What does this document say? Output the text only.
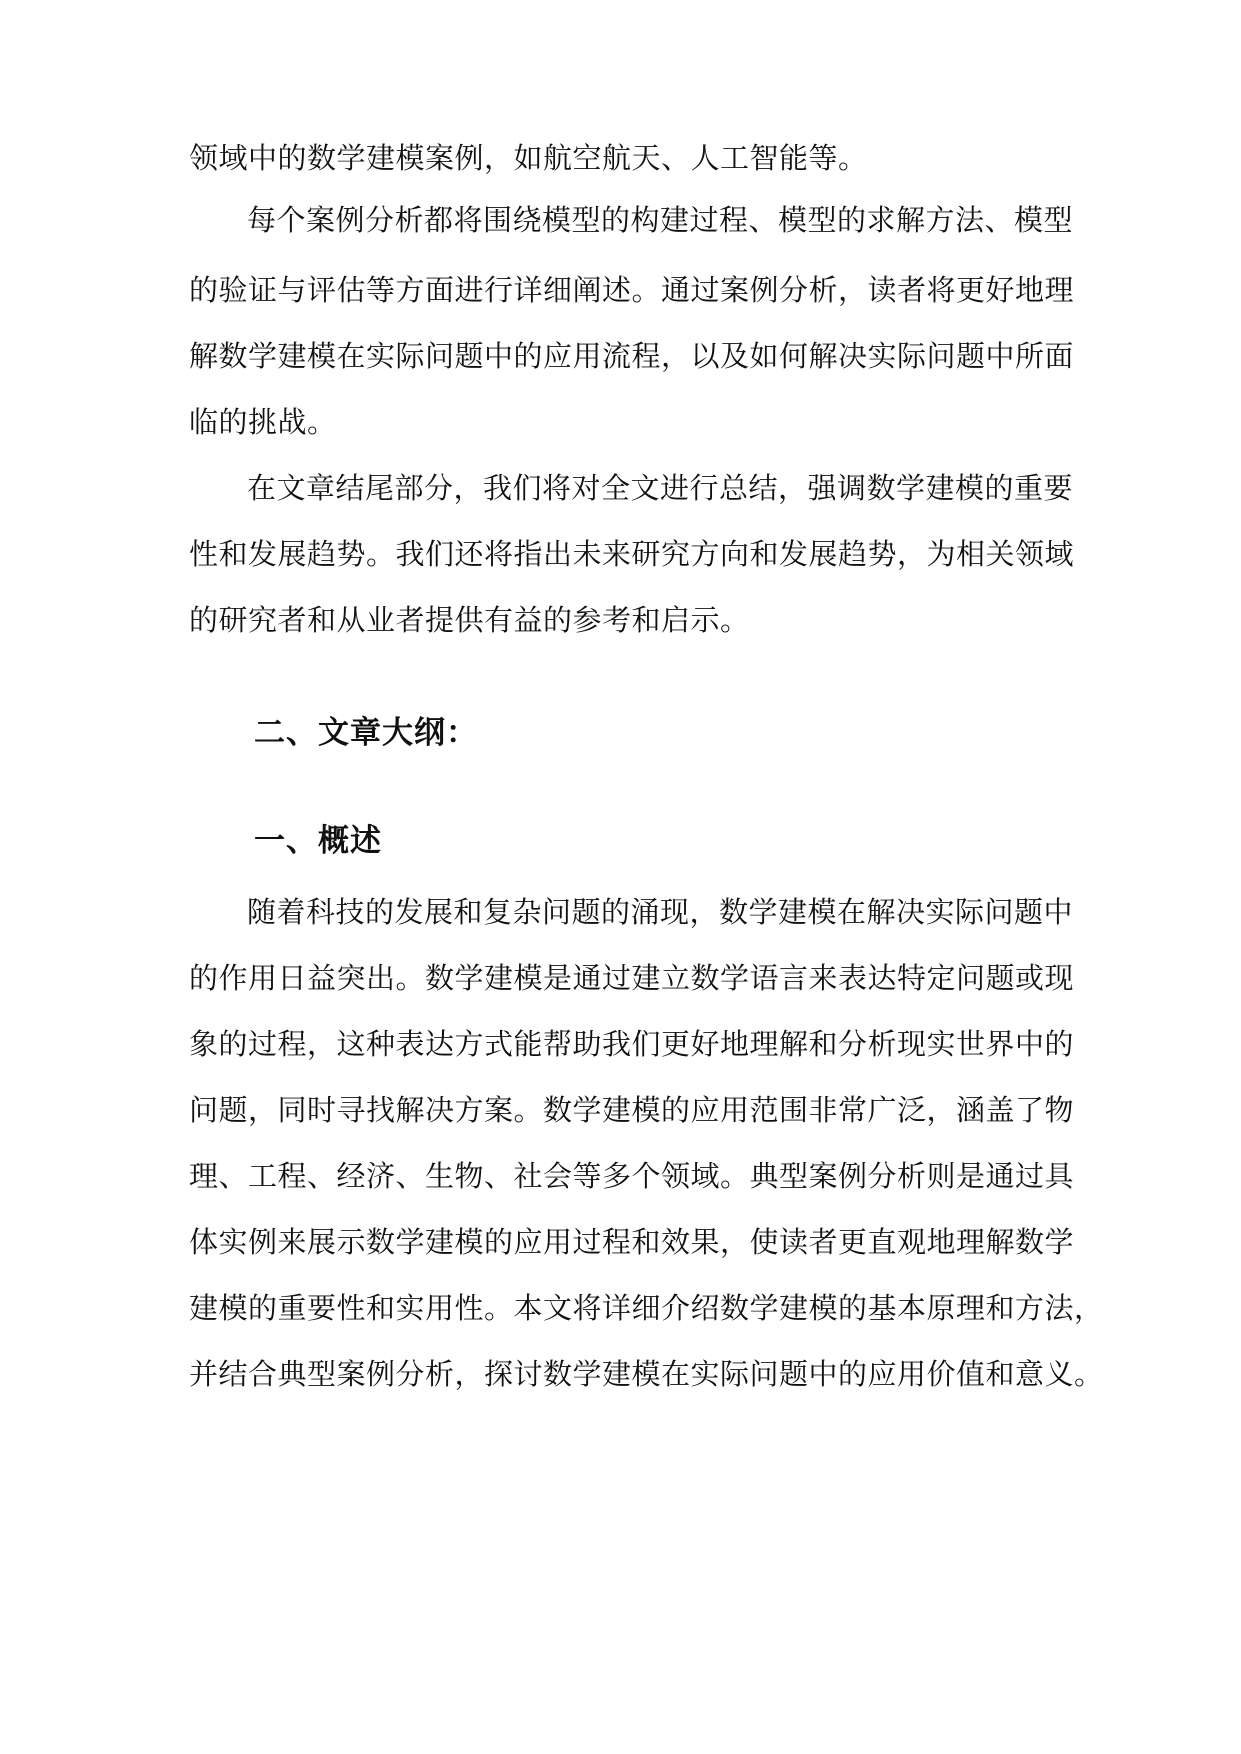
领域中的数学建模案例，如航空航天、人工智能等。
每个案例分析都将围绕模型的构建过程、模型的求解方法、模型
的验证与评估等方面进行详细阐述。通过案例分析，读者将更好地理
解数学建模在实际问题中的应用流程，以及如何解决实际问题中所面
临的挑战。
在文章结尾部分，我们将对全文进行总结，强调数学建模的重要
性和发展趋势。我们还将指出未来研究方向和发展趋势，为相关领域
的研究者和从业者提供有益的参考和启示。
二、文章大纲：
一、概述
随着科技的发展和复杂问题的涌现，数学建模在解决实际问题中
的作用日益突出。数学建模是通过建立数学语言来表达特定问题或现
象的过程，这种表达方式能帮助我们更好地理解和分析现实世界中的
问题，同时寻找解决方案。数学建模的应用范围非常广泛，涵盖了物
理、工程、经济、生物、社会等多个领域。典型案例分析则是通过具
体实例来展示数学建模的应用过程和效果，使读者更直观地理解数学
建模的重要性和实用性。本文将详细介绍数学建模的基本原理和方法，
并结合典型案例分析，探讨数学建模在实际问题中的应用价值和意义。
